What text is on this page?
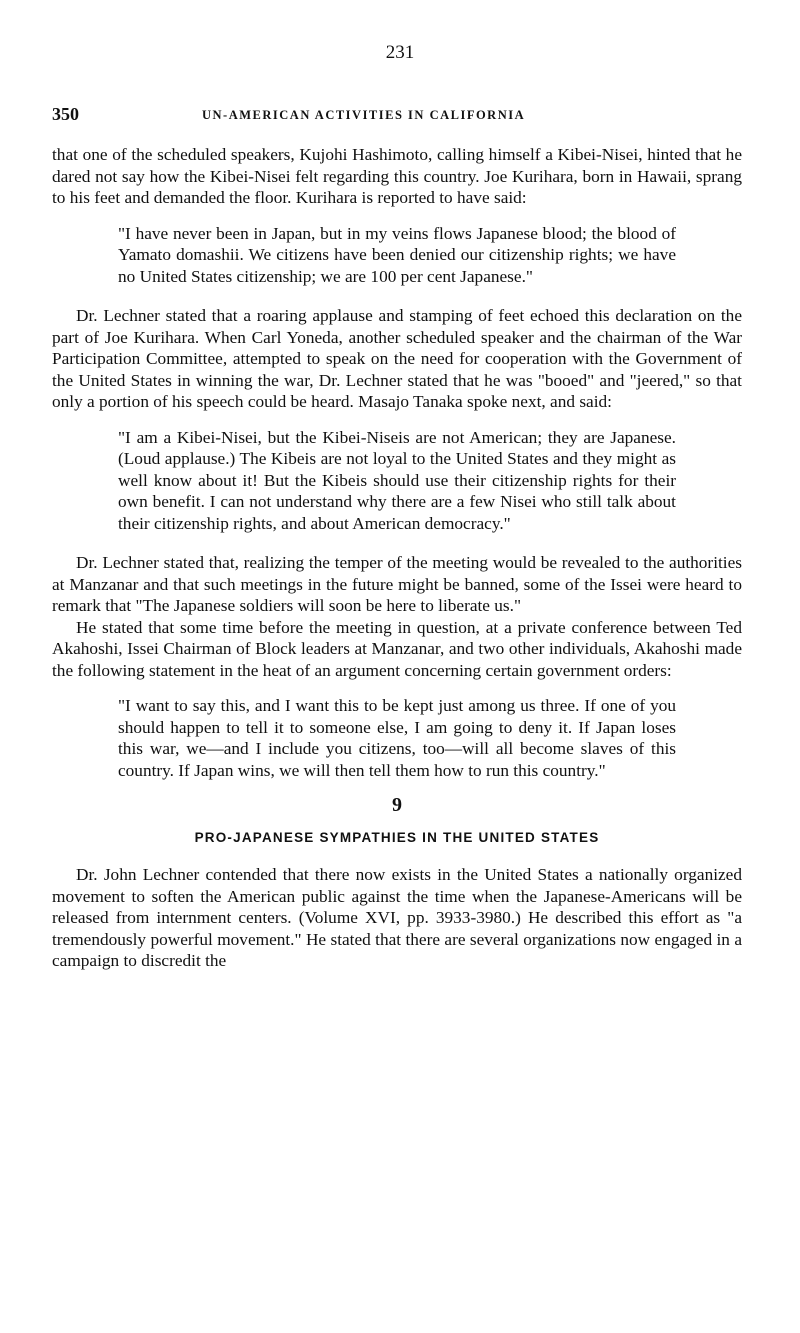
231
350	UN-AMERICAN ACTIVITIES IN CALIFORNIA

that one of the scheduled speakers, Kujohi Hashimoto, calling himself a Kibei-Nisei, hinted that he dared not say how the Kibei-Nisei felt regarding this country. Joe Kurihara, born in Hawaii, sprang to his feet and demanded the floor. Kurihara is reported to have said:

"I have never been in Japan, but in my veins flows Japanese blood; the blood of Yamato domashii. We citizens have been denied our citizenship rights; we have no United States citizenship; we are 100 per cent Japanese."

Dr. Lechner stated that a roaring applause and stamping of feet echoed this declaration on the part of Joe Kurihara. When Carl Yoneda, another scheduled speaker and the chairman of the War Participation Committee, attempted to speak on the need for cooperation with the Government of the United States in winning the war, Dr. Lechner stated that he was "booed" and "jeered," so that only a portion of his speech could be heard. Masajo Tanaka spoke next, and said:

"I am a Kibei-Nisei, but the Kibei-Niseis are not American; they are Japanese. (Loud applause.) The Kibeis are not loyal to the United States and they might as well know about it! But the Kibeis should use their citizenship rights for their own benefit. I can not understand why there are a few Nisei who still talk about their citizenship rights, and about American democracy."

Dr. Lechner stated that, realizing the temper of the meeting would be revealed to the authorities at Manzanar and that such meetings in the future might be banned, some of the Issei were heard to remark that "The Japanese soldiers will soon be here to liberate us."

He stated that some time before the meeting in question, at a private conference between Ted Akahoshi, Issei Chairman of Block leaders at Manzanar, and two other individuals, Akahoshi made the following statement in the heat of an argument concerning certain government orders:

"I want to say this, and I want this to be kept just among us three. If one of you should happen to tell it to someone else, I am going to deny it. If Japan loses this war, we—and I include you citizens, too—will all become slaves of this country. If Japan wins, we will then tell them how to run this country."

9

PRO-JAPANESE SYMPATHIES IN THE UNITED STATES

Dr. John Lechner contended that there now exists in the United States a nationally organized movement to soften the American public against the time when the Japanese-Americans will be released from internment centers. (Volume XVI, pp. 3933-3980.) He described this effort as "a tremendously powerful movement." He stated that there are several organizations now engaged in a campaign to discredit the
